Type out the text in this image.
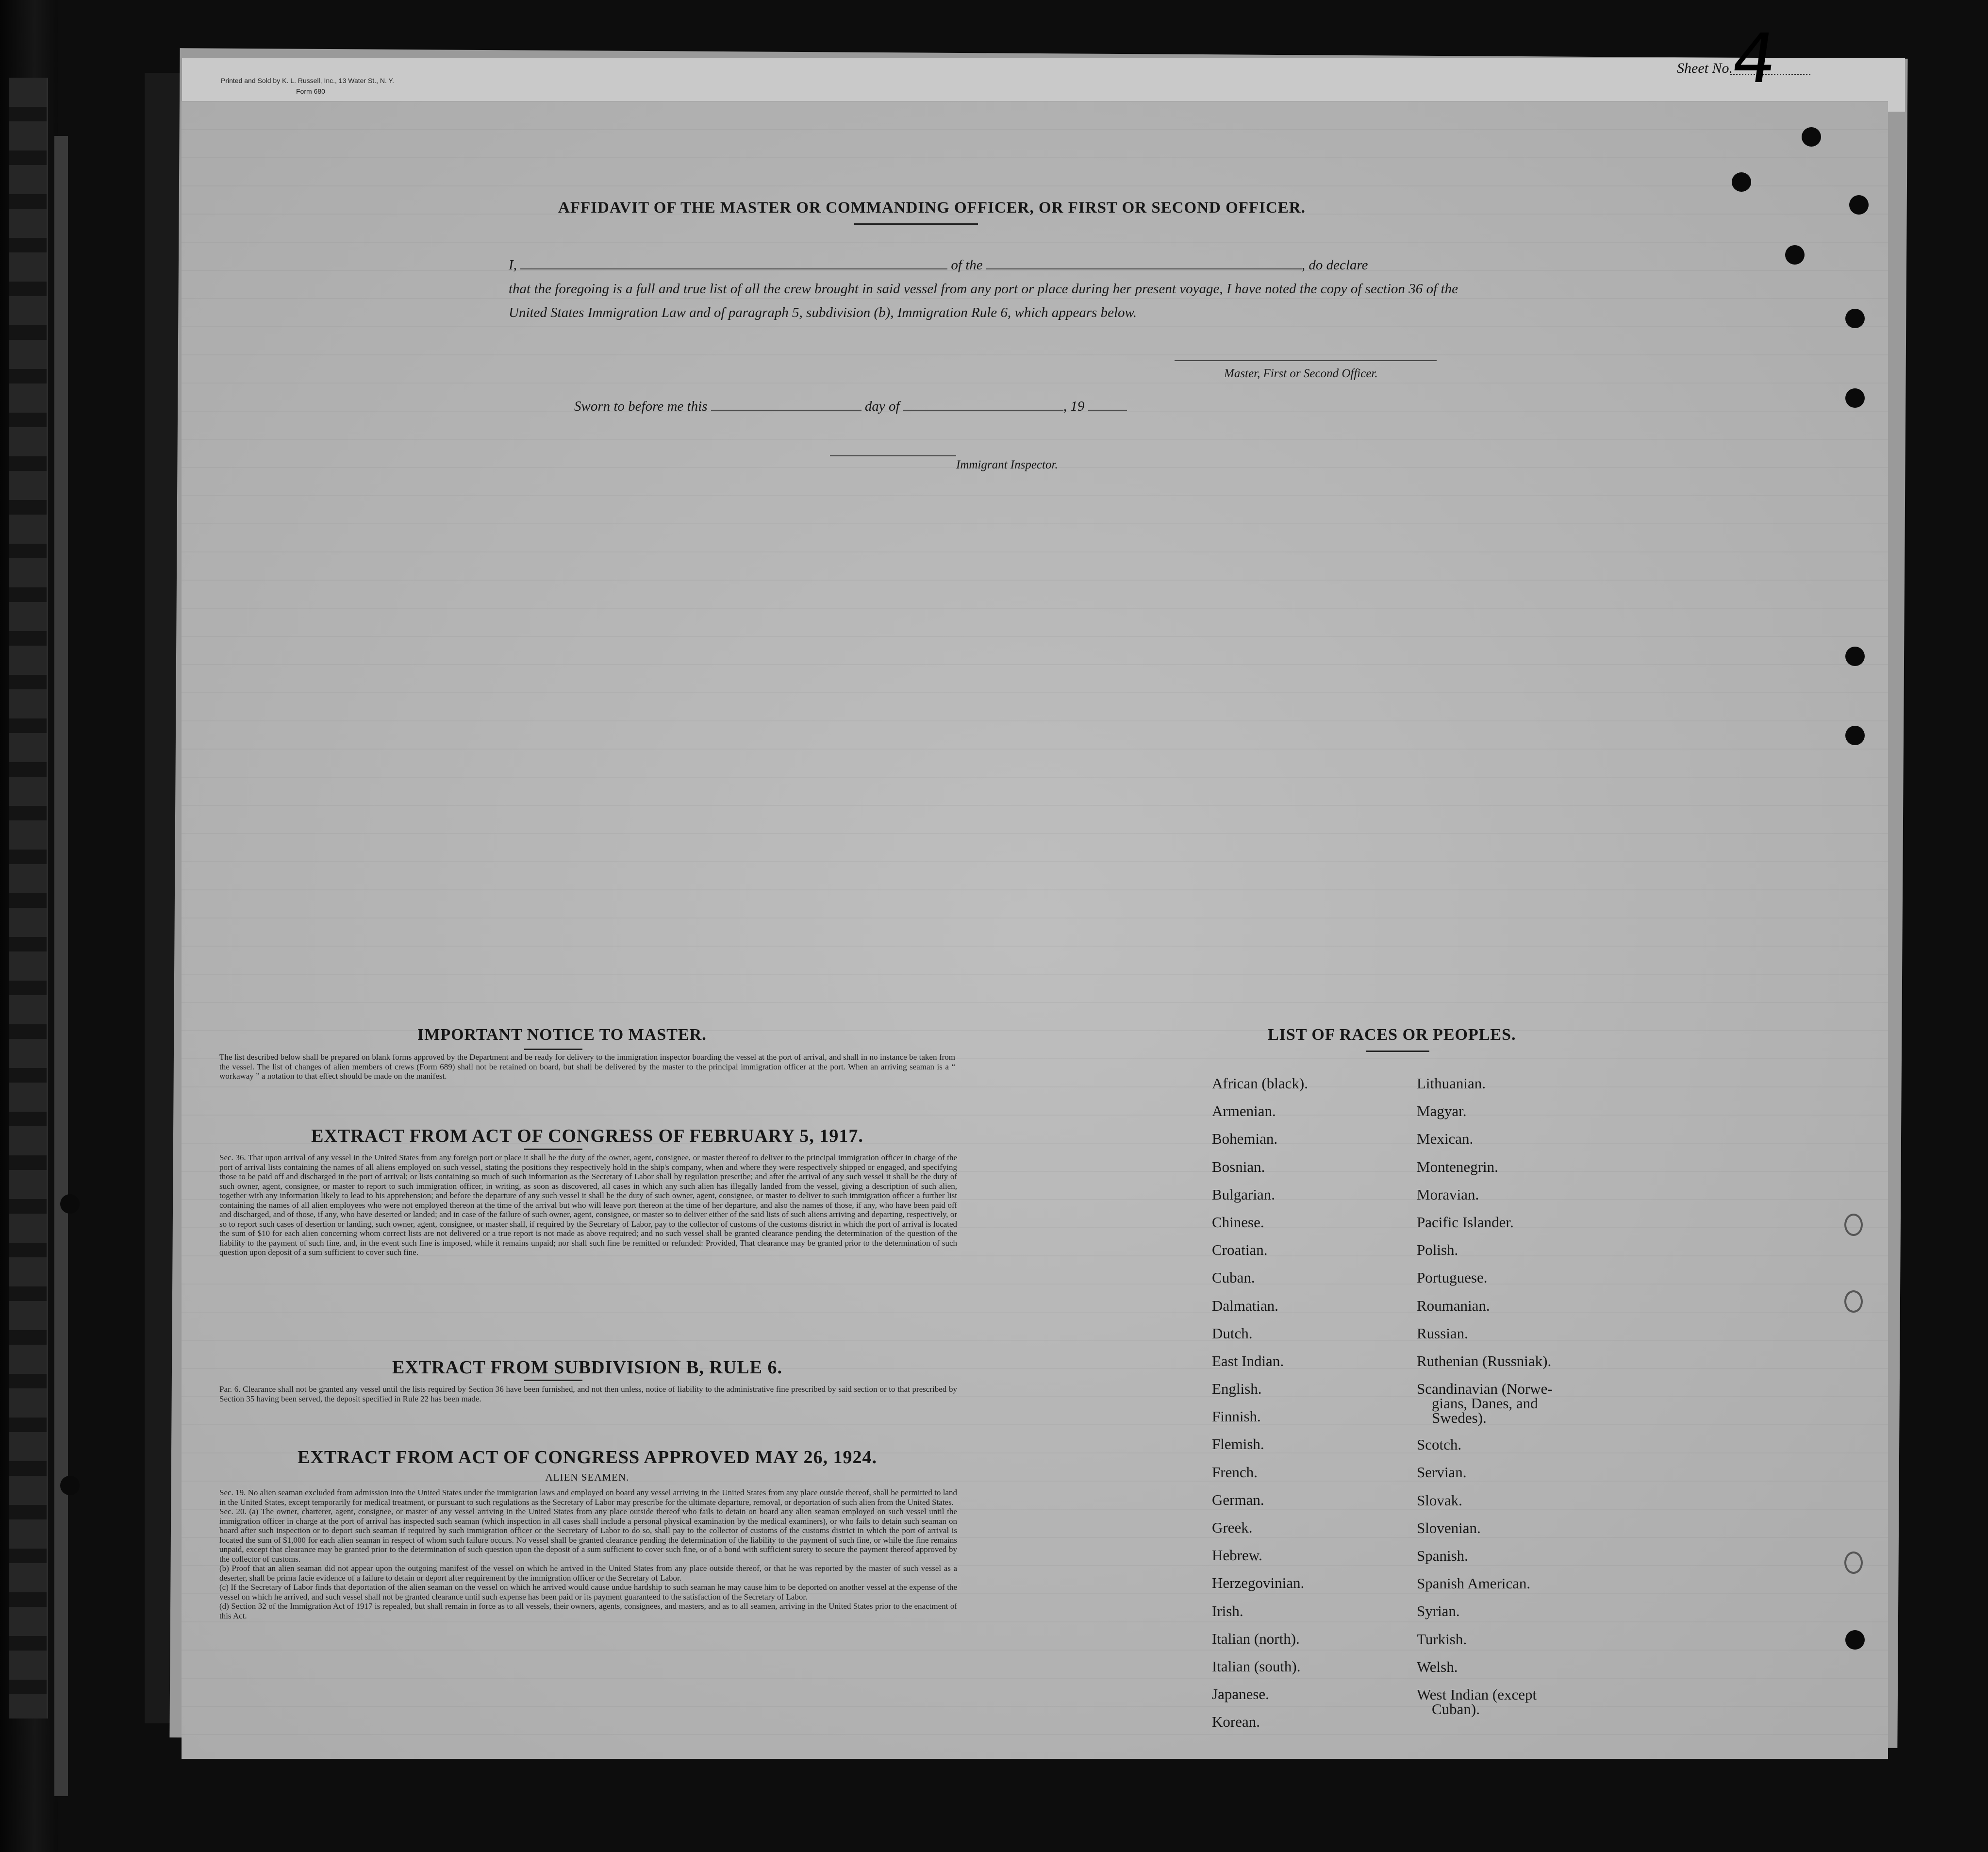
Printed and Sold by K. L. Russell, Inc., 13 Water St., N. Y.
Form 680
Sheet No.
4
AFFIDAVIT OF THE MASTER OR COMMANDING OFFICER, OR FIRST OR SECOND OFFICER.
I,	of the	, do declare
that the foregoing is a full and true list of all the crew brought in said vessel from any port or place during her present voyage, I have noted the copy of section 36 of the United States Immigration Law and of paragraph 5, subdivision (b), Immigration Rule 6, which appears below.
Master, First or Second Officer.
Sworn to before me this	day of	, 19
Immigrant Inspector.
IMPORTANT NOTICE TO MASTER.
The list described below shall be prepared on blank forms approved by the Department and be ready for delivery to the immigration inspector boarding the vessel at the port of arrival, and shall in no instance be taken from the vessel. The list of changes of alien members of crews (Form 689) shall not be retained on board, but shall be delivered by the master to the principal immigration officer at the port. When an arriving seaman is a “ workaway ” a notation to that effect should be made on the manifest.
EXTRACT FROM ACT OF CONGRESS OF FEBRUARY 5, 1917.
Sec. 36. That upon arrival of any vessel in the United States from any foreign port or place it shall be the duty of the owner, agent, consignee, or master thereof to deliver to the principal immigration officer in charge of the port of arrival lists containing the names of all aliens employed on such vessel, stating the positions they respectively hold in the ship's company, when and where they were respectively shipped or engaged, and specifying those to be paid off and discharged in the port of arrival; or lists containing so much of such information as the Secretary of Labor shall by regulation prescribe; and after the arrival of any such vessel it shall be the duty of such owner, agent, consignee, or master to report to such immigration officer, in writing, as soon as discovered, all cases in which any such alien has illegally landed from the vessel, giving a description of such alien, together with any information likely to lead to his apprehension; and before the departure of any such vessel it shall be the duty of such owner, agent, consignee, or master to deliver to such immigration officer a further list containing the names of all alien employees who were not employed thereon at the time of the arrival but who will leave port thereon at the time of her departure, and also the names of those, if any, who have been paid off and discharged, and of those, if any, who have deserted or landed; and in case of the failure of such owner, agent, consignee, or master so to deliver either of the said lists of such aliens arriving and departing, respectively, or so to report such cases of desertion or landing, such owner, agent, consignee, or master shall, if required by the Secretary of Labor, pay to the collector of customs of the customs district in which the port of arrival is located the sum of $10 for each alien concerning whom correct lists are not delivered or a true report is not made as above required; and no such vessel shall be granted clearance pending the determination of the question of the liability to the payment of such fine, and, in the event such fine is imposed, while it remains unpaid; nor shall such fine be remitted or refunded: Provided, That clearance may be granted prior to the determination of such question upon deposit of a sum sufficient to cover such fine.
EXTRACT FROM SUBDIVISION B, RULE 6.
Par. 6. Clearance shall not be granted any vessel until the lists required by Section 36 have been furnished, and not then unless, notice of liability to the administrative fine prescribed by said section or to that prescribed by Section 35 having been served, the deposit specified in Rule 22 has been made.
EXTRACT FROM ACT OF CONGRESS APPROVED MAY 26, 1924.
ALIEN SEAMEN.
Sec. 19. No alien seaman excluded from admission into the United States under the immigration laws and employed on board any vessel arriving in the United States from any place outside thereof, shall be permitted to land in the United States, except temporarily for medical treatment, or pursuant to such regulations as the Secretary of Labor may prescribe for the ultimate departure, removal, or deportation of such alien from the United States.
Sec. 20. (a) The owner, charterer, agent, consignee, or master of any vessel arriving in the United States from any place outside thereof who fails to detain on board any alien seaman employed on such vessel until the immigration officer in charge at the port of arrival has inspected such seaman (which inspection in all cases shall include a personal physical examination by the medical examiners), or who fails to detain such seaman on board after such inspection or to deport such seaman if required by such immigration officer or the Secretary of Labor to do so, shall pay to the collector of customs of the customs district in which the port of arrival is located the sum of $1,000 for each alien seaman in respect of whom such failure occurs. No vessel shall be granted clearance pending the determination of the liability to the payment of such fine, or while the fine remains unpaid, except that clearance may be granted prior to the determination of such question upon the deposit of a sum sufficient to cover such fine, or of a bond with sufficient surety to secure the payment thereof approved by the collector of customs.
(b) Proof that an alien seaman did not appear upon the outgoing manifest of the vessel on which he arrived in the United States from any place outside thereof, or that he was reported by the master of such vessel as a deserter, shall be prima facie evidence of a failure to detain or deport after requirement by the immigration officer or the Secretary of Labor.
(c) If the Secretary of Labor finds that deportation of the alien seaman on the vessel on which he arrived would cause undue hardship to such seaman he may cause him to be deported on another vessel at the expense of the vessel on which he arrived, and such vessel shall not be granted clearance until such expense has been paid or its payment guaranteed to the satisfaction of the Secretary of Labor.
(d) Section 32 of the Immigration Act of 1917 is repealed, but shall remain in force as to all vessels, their owners, agents, consignees, and masters, and as to all seamen, arriving in the United States prior to the enactment of this Act.
LIST OF RACES OR PEOPLES.
African (black).
Armenian.
Bohemian.
Bosnian.
Bulgarian.
Chinese.
Croatian.
Cuban.
Dalmatian.
Dutch.
East Indian.
English.
Finnish.
Flemish.
French.
German.
Greek.
Hebrew.
Herzegovinian.
Irish.
Italian (north).
Italian (south).
Japanese.
Korean.
Lithuanian.
Magyar.
Mexican.
Montenegrin.
Moravian.
Pacific Islander.
Polish.
Portuguese.
Roumanian.
Russian.
Ruthenian (Russniak).
Scandinavian (Norwe-
gians, Danes, and
Swedes).
Scotch.
Servian.
Slovak.
Slovenian.
Spanish.
Spanish American.
Syrian.
Turkish.
Welsh.
West Indian (except
Cuban).
